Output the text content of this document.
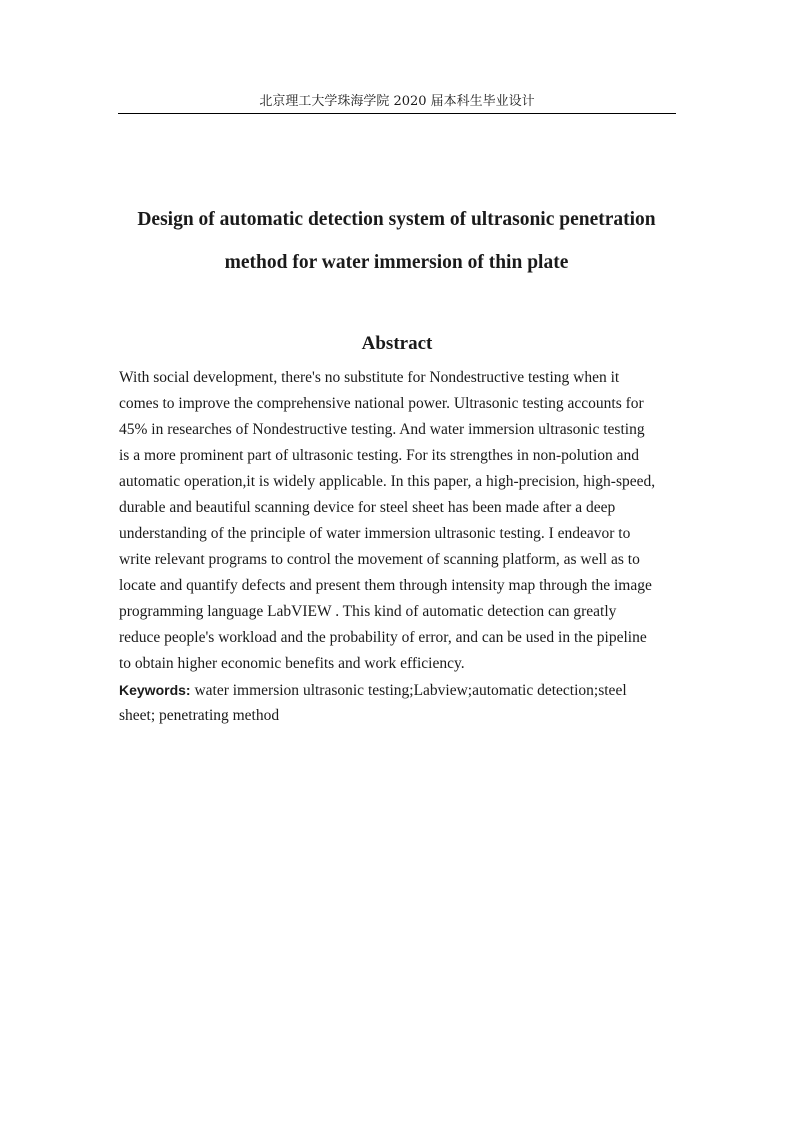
北京理工大学珠海学院 2020 届本科生毕业设计
Design of automatic detection system of ultrasonic penetration
method for water immersion of thin plate
Abstract
With social development, there's no substitute for Nondestructive testing when it
comes to improve the comprehensive national power. Ultrasonic testing accounts for
45% in researches of Nondestructive testing. And water immersion ultrasonic testing
is a more prominent part of ultrasonic testing. For its strengthes in non-polution and
automatic operation,it is widely applicable. In this paper, a high-precision, high-speed,
durable and beautiful scanning device for steel sheet has been made after a deep
understanding of the principle of water immersion ultrasonic testing. I endeavor to
write relevant programs to control the movement of scanning platform, as well as to
locate and quantify defects and present them through intensity map through the image
programming language LabVIEW . This kind of automatic detection can greatly
reduce people's workload and the probability of error, and can be used in the pipeline
to obtain higher economic benefits and work efficiency.
Keywords: water immersion ultrasonic testing;Labview;automatic detection;steel
sheet; penetrating method
